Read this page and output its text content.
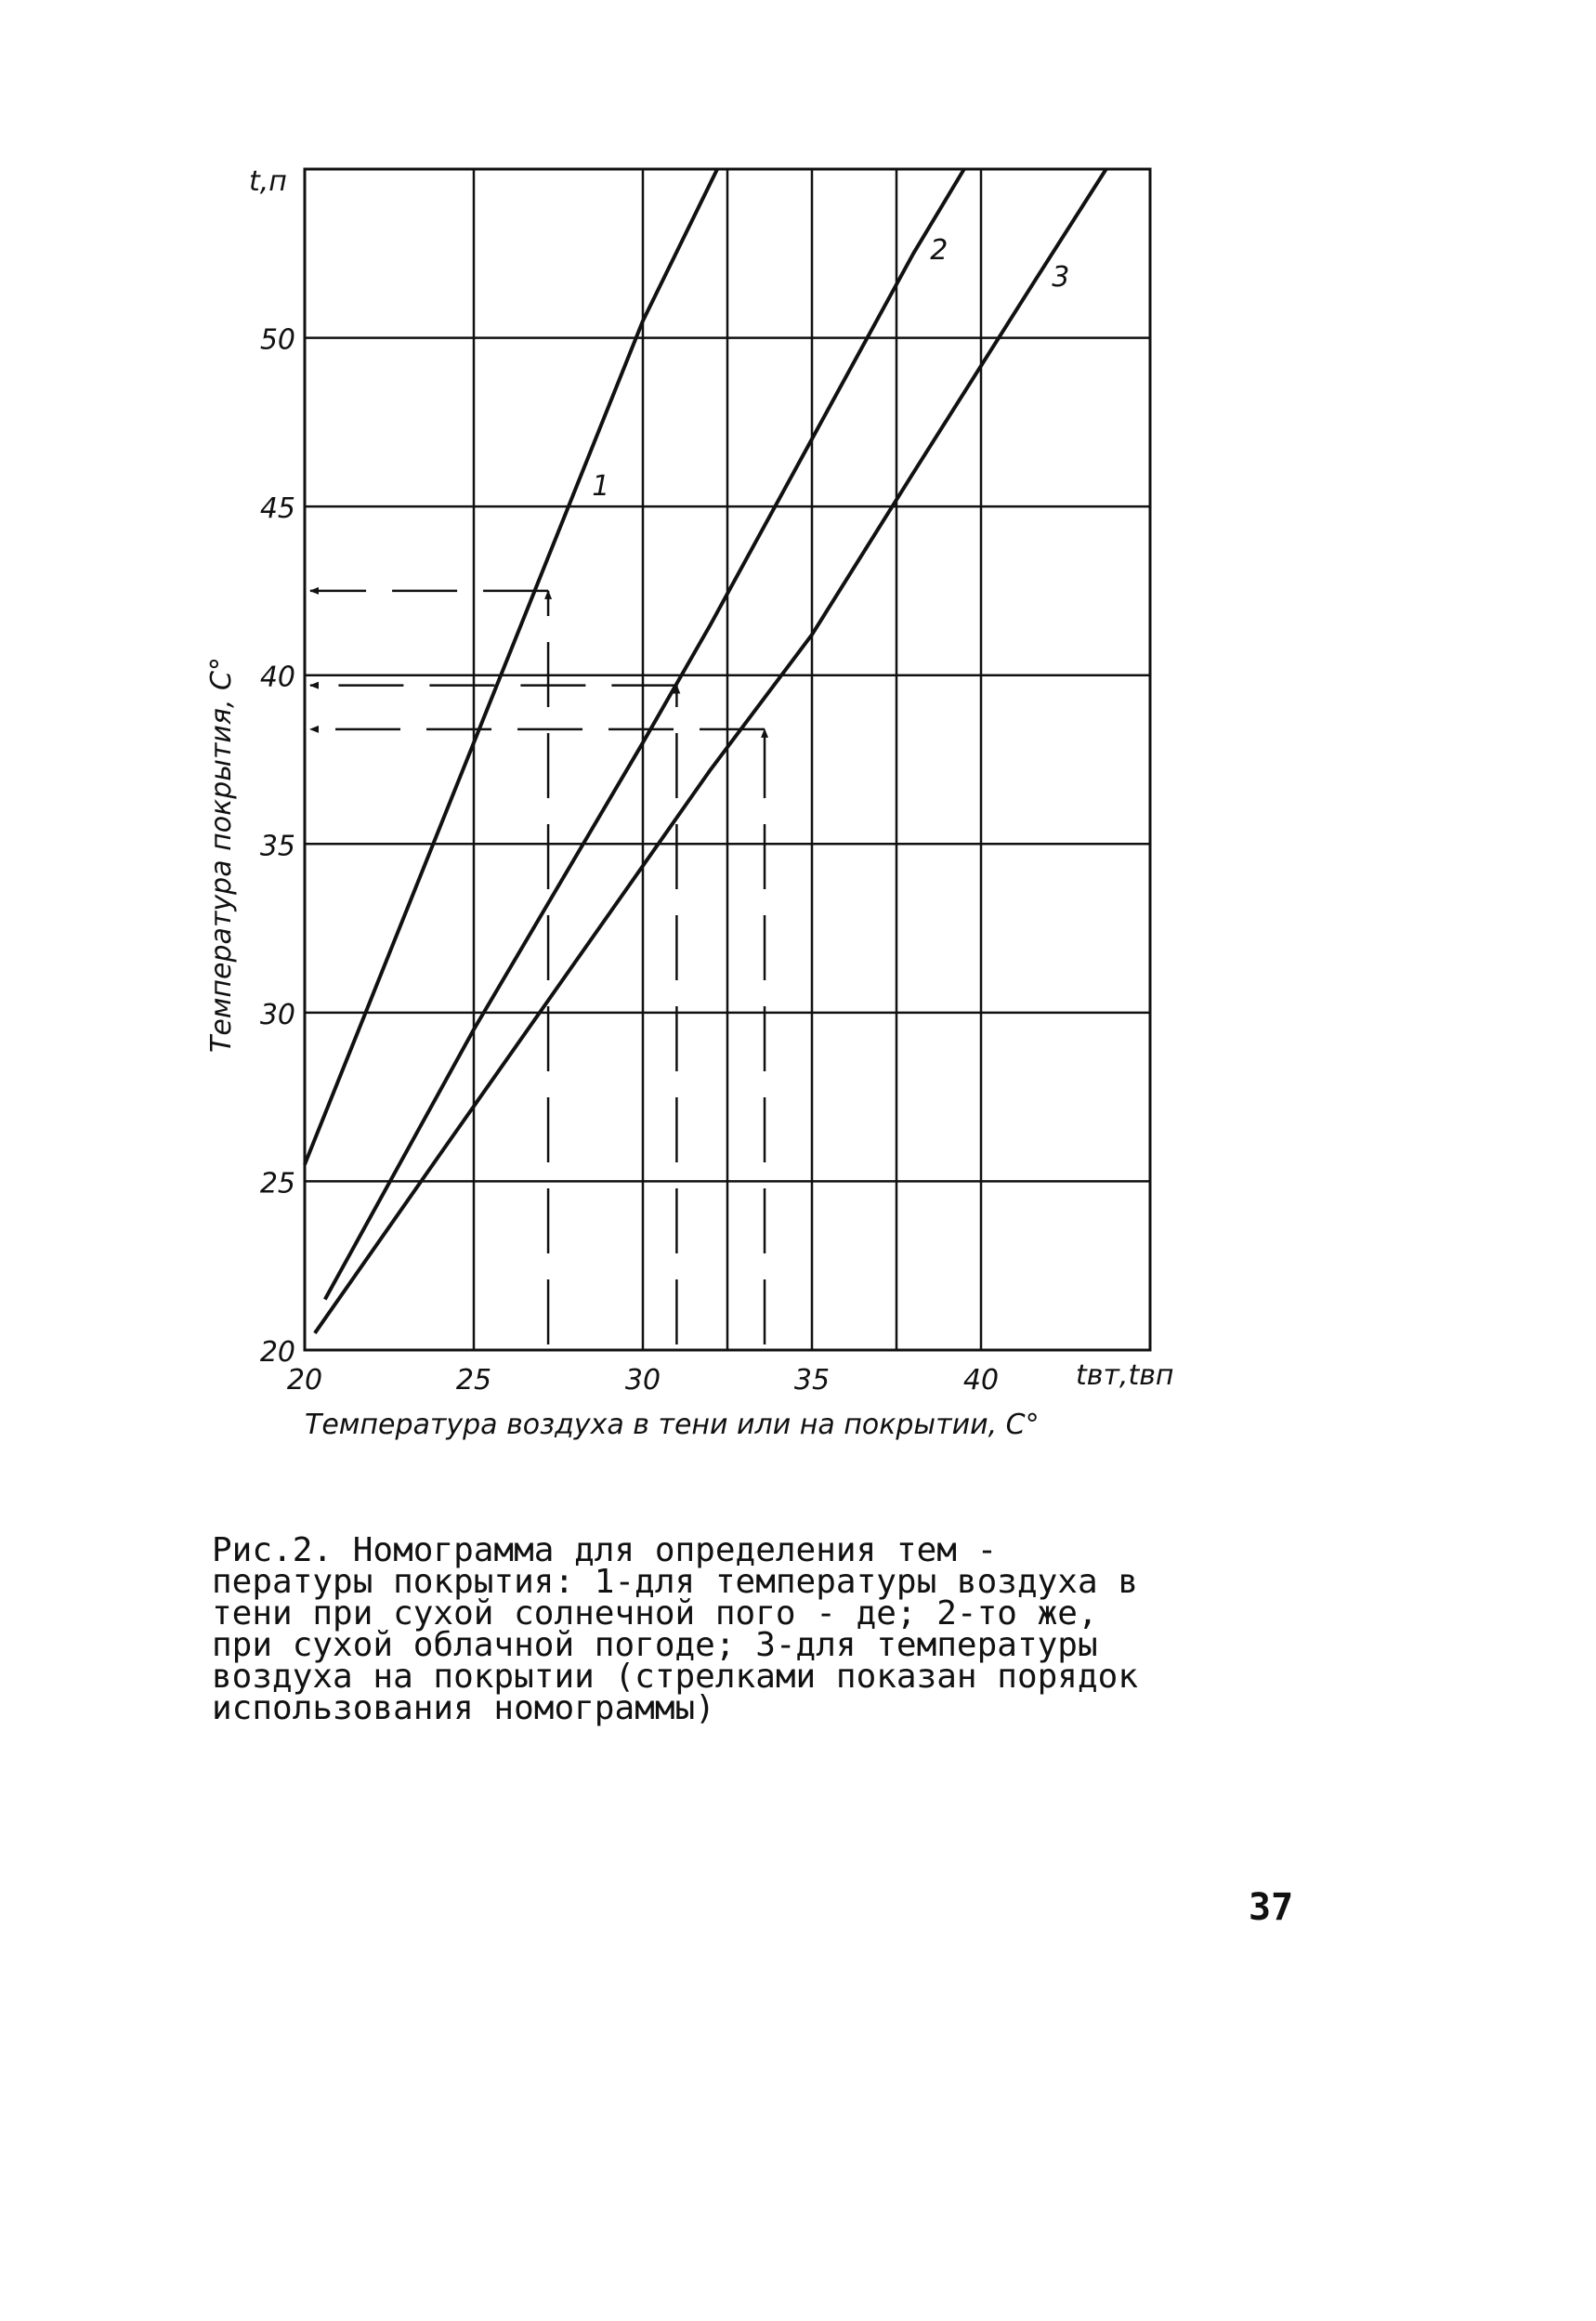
1
2
3
20	25	30	35	40
20
25
30
35
40
45
50
t,п
Температура покрытия, С°
Температура воздуха в тени или на покрытии, С°
tвт,tвп
Рис.2. Номограмма для определения тем - пературы покрытия: 1-для температуры воздуха в тени при сухой солнечной пого - де; 2-то же, при сухой облачной погоде; 3-для температуры воздуха на покрытии (стрелками показан порядок использования номограммы)
37
